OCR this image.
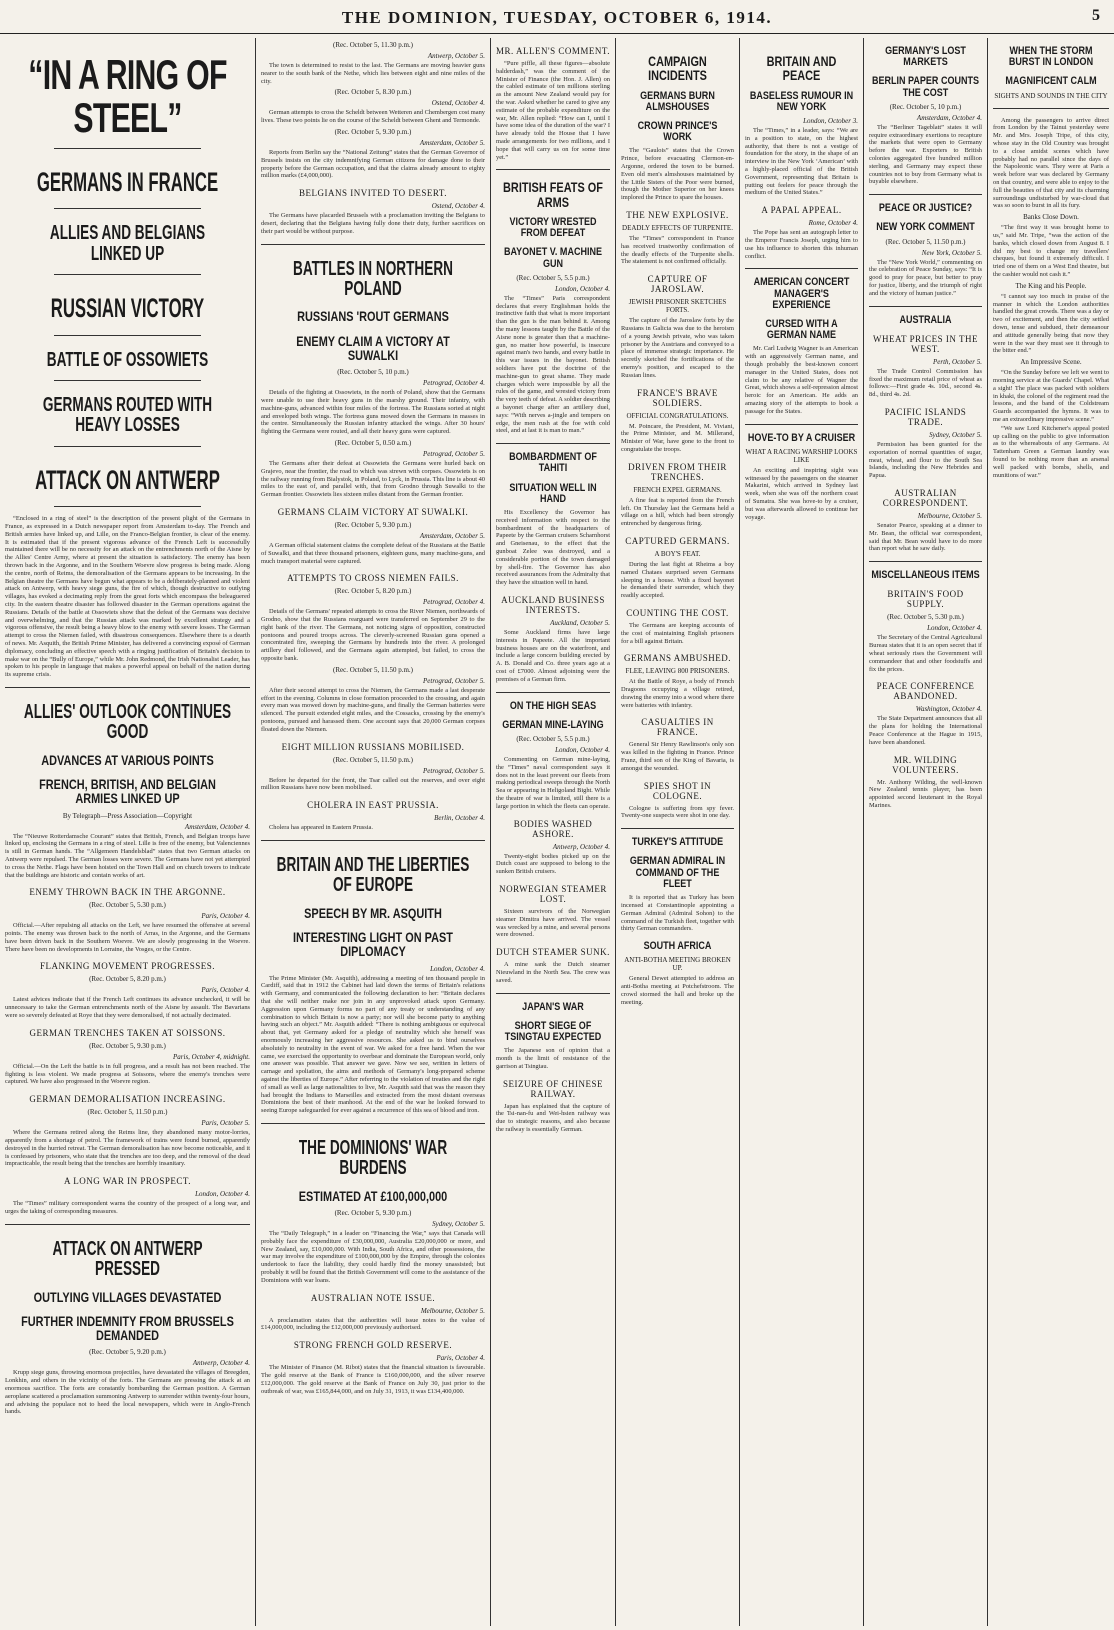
THE DOMINION, TUESDAY, OCTOBER 6, 1914.	5
“IN A RING OF STEEL”
GERMANS IN FRANCE
ALLIES AND BELGIANS LINKED UP
RUSSIAN VICTORY
BATTLE OF OSSOWIETS
GERMANS ROUTED WITH HEAVY LOSSES
ATTACK ON ANTWERP

“Enclosed in a ring of steel” is the description of the present plight of the Germans in France, as expressed in a Dutch newspaper report from Amsterdam to-day. The French and British armies have linked up, and Lille, on the Franco-Belgian frontier, is clear of the enemy. It is estimated that if the present vigorous advance of the French Left is successfully maintained there will be no necessity for an attack on the entrenchments north of the Aisne by the Allies' Centre Army, where at present the situation is satisfactory. The enemy has been thrown back in the Argonne, and in the Southern Woevre slow progress is being made. Along the centre, north of Reims, the demoralisation of the Germans appears to be increasing. In the Belgian theatre the Germans have begun what appears to be a deliberately-planned and violent attack on Antwerp, with heavy siege guns, the fire of which, though destructive to outlying villages, has evoked a decimating reply from the great forts which encompass the beleaguered city. In the eastern theatre disaster has followed disaster in the German operations against the Russians. Details of the battle at Ossowiets show that the defeat of the Germans was decisive and overwhelming, and that the Russian attack was marked by excellent strategy and a vigorous offensive, the result being a heavy blow to the enemy with severe losses. The German attempt to cross the Niemen failed, with disastrous consequences. Elsewhere there is a dearth of news. Mr. Asquith, the British Prime Minister, has delivered a convincing exposé of German diplomacy, concluding an effective speech with a ringing justification of Britain's decision to make war on the “Bully of Europe,” while Mr. John Redmond, the Irish Nationalist Leader, has spoken to his people in language that makes a powerful appeal on behalf of the nation during its supreme crisis.

ALLIES' OUTLOOK CONTINUES GOOD
ADVANCES AT VARIOUS POINTS
FRENCH, BRITISH, AND BELGIAN ARMIES LINKED UP
By Telegraph—Press Association—Copyright
Amsterdam, October 4.

The “Nieuwe Rotterdamsche Courant” states that British, French, and Belgian troops have linked up, enclosing the Germans in a ring of steel. Lille is free of the enemy, but Valenciennes is still in German hands. The “Allgemeen Handelsblad” states that two German attacks on Antwerp were repulsed. The German losses were severe. The Germans have not yet attempted to cross the Nethe. Flags have been hoisted on the Town Hall and on church towers to indicate that the buildings are historic and contain works of art.

ENEMY THROWN BACK IN THE ARGONNE.
(Rec. October 5, 5.30 p.m.)
Paris, October 4.

Official.—After repulsing all attacks on the Left, we have resumed the offensive at several points. The enemy was thrown back to the north of Arras, in the Argonne, and the Germans have been driven back in the Southern Woevre. We are slowly progressing in the Woevre. There have been no developments in Lorraine, the Vosges, or the Centre.

FLANKING MOVEMENT PROGRESSES.
(Rec. October 5, 8.20 p.m.)
Paris, October 4.

Latest advices indicate that if the French Left continues its advance unchecked, it will be unnecessary to take the German entrenchments north of the Aisne by assault. The Bavarians were so severely defeated at Roye that they were demoralised, if not actually decimated.

GERMAN TRENCHES TAKEN AT SOISSONS.
(Rec. October 5, 9.30 p.m.)
Paris, October 4, midnight.

Official.—On the Left the battle is in full progress, and a result has not been reached. The fighting is less violent. We made progress at Soissons, where the enemy's trenches were captured. We have also progressed in the Woevre region.

GERMAN DEMORALISATION INCREASING.
(Rec. October 5, 11.50 p.m.)
Paris, October 5.

Where the Germans retired along the Reims line, they abandoned many motor-lorries, apparently from a shortage of petrol. The framework of trains were found burned, apparently destroyed in the hurried retreat. The German demoralisation has now become noticeable, and it is confessed by prisoners, who state that the trenches are too deep, and the removal of the dead impracticable, the result being that the trenches are horribly insanitary.

A LONG WAR IN PROSPECT.
London, October 4.

The “Times” military correspondent warns the country of the prospect of a long war, and urges the taking of corresponding measures.

ATTACK ON ANTWERP PRESSED
OUTLYING VILLAGES DEVASTATED
FURTHER INDEMNITY FROM BRUSSELS DEMANDED
(Rec. October 5, 9.20 p.m.)
Antwerp, October 4.

Krupp siege guns, throwing enormous projectiles, have devastated the villages of Breegden, Lonkhin, and others in the vicinity of the forts. The Germans are pressing the attack at an enormous sacrifice. The forts are constantly bombarding the German position. A German aeroplane scattered a proclamation summoning Antwerp to surrender within twenty-four hours, and advising the populace not to heed the local newspapers, which were in Anglo-French hands.

(Rec. October 5, 11.30 p.m.)
Antwerp, October 5.

The town is determined to resist to the last. The Germans are moving heavier guns nearer to the south bank of the Nethe, which lies between eight and nine miles of the city.

(Rec. October 5, 8.30 p.m.)
Ostend, October 4.

German attempts to cross the Scheldt between Wetteren and Chembergen cost many lives. These two points lie on the course of the Scheldt between Ghent and Termonde.

(Rec. October 5, 9.30 p.m.)
Amsterdam, October 5.

Reports from Berlin say the “National Zeitung” states that the German Governor of Brussels insists on the city indemnifying German citizens for damage done to their property before the German occupation, and that the claims already amount to eighty million marks (£4,000,000).

BELGIANS INVITED TO DESERT.
Ostend, October 4.

The Germans have placarded Brussels with a proclamation inviting the Belgians to desert, declaring that the Belgians having fully done their duty, further sacrifices on their part would be without purpose.

BATTLES IN NORTHERN POLAND
RUSSIANS 'ROUT GERMANS
ENEMY CLAIM A VICTORY AT SUWALKI
(Rec. October 5, 10 p.m.)
Petrograd, October 4.

Details of the fighting at Ossowiets, in the north of Poland, show that the Germans were unable to use their heavy guns in the marshy ground. Their infantry, with machine-guns, advanced within four miles of the fortress. The Russians sorted at night and enveloped both wings. The fortress guns mowed down the Germans in masses in the centre. Simultaneously the Russian infantry attacked the wings. After 30 hours' fighting the Germans were routed, and all their heavy guns were captured.

(Rec. October 5, 0.50 a.m.)
Petrograd, October 5.

The Germans after their defeat at Ossowiets the Germans were hurled back on Grajevo, near the frontier, the road to which was strewn with corpses. Ossowiets is on the railway running from Bialystok, in Poland, to Lyck, in Prussia. This line is about 40 miles to the east of, and parallel with, that from Grodno through Suwalki to the German frontier. Ossowiets lies sixteen miles distant from the German frontier.

GERMANS CLAIM VICTORY AT SUWALKI.
(Rec. October 5, 9.30 p.m.)
Amsterdam, October 5.

A German official statement claims the complete defeat of the Russians at the Battle of Suwalki, and that three thousand prisoners, eighteen guns, many machine-guns, and much transport material were captured.

ATTEMPTS TO CROSS NIEMEN FAILS.
(Rec. October 5, 8.20 p.m.)
Petrograd, October 4.

Details of the Germans' repeated attempts to cross the River Niemen, northwards of Grodno, show that the Russians rearguard were transferred on September 29 to the right bank of the river. The Germans, not noticing signs of opposition, constructed pontoons and poured troops across. The cleverly-screened Russian guns opened a concentrated fire, sweeping the Germans by hundreds into the river. A prolonged artillery duel followed, and the Germans again attempted, but failed, to cross the opposite bank.

(Rec. October 5, 11.50 p.m.)
Petrograd, October 5.

After their second attempt to cross the Niemen, the Germans made a last desperate effort in the evening. Columns in close formation proceeded to the crossing, and again every man was mowed down by machine-guns, and finally the German batteries were silenced. The pursuit extended eight miles, and the Cossacks, crossing by the enemy's pontoons, pursued and harassed them. One account says that 20,000 German corpses floated down the Niemen.

EIGHT MILLION RUSSIANS MOBILISED.
(Rec. October 5, 11.50 p.m.)
Petrograd, October 5.

Before he departed for the front, the Tsar called out the reserves, and over eight million Russians have now been mobilised.

CHOLERA IN EAST PRUSSIA.
Berlin, October 4.

Cholera has appeared in Eastern Prussia.

BRITAIN AND THE LIBERTIES OF EUROPE
SPEECH BY MR. ASQUITH
INTERESTING LIGHT ON PAST DIPLOMACY
London, October 4.

The Prime Minister (Mr. Asquith), addressing a meeting of ten thousand people in Cardiff, said that in 1912 the Cabinet had laid down the terms of Britain's relations with Germany, and communicated the following declaration to her: “Britain declares that she will neither make nor join in any unprovoked attack upon Germany. Aggression upon Germany forms no part of any treaty or understanding of any combination to which Britain is now a party; nor will she become party to anything having such an object.” Mr. Asquith added: “There is nothing ambiguous or equivocal about that, yet Germany asked for a pledge of neutrality which she herself was enormously increasing her aggressive resources. She asked us to bind ourselves absolutely to neutrality in the event of war. We asked for a free hand. When the war came, we exercised the opportunity to overbear and dominate the European world, only one answer was possible. That answer we gave. Now we see, written in letters of carnage and spoliation, the aims and methods of Germany's long-prepared scheme against the liberties of Europe.” After referring to the violation of treaties and the right of small as well as large nationalities to live, Mr. Asquith said that was the reason they had brought the Indians to Marseilles and extracted from the most distant overseas Dominions the best of their manhood. At the end of the war he looked forward to seeing Europe safeguarded for ever against a recurrence of this sea of blood and iron.

THE DOMINIONS' WAR BURDENS
ESTIMATED AT £100,000,000
(Rec. October 5, 9.30 p.m.)
Sydney, October 5.

The “Daily Telegraph,” in a leader on “Financing the War,” says that Canada will probably face the expenditure of £30,000,000, Australia £20,000,000 or more, and New Zealand, say, £10,000,000. With India, South Africa, and other possessions, the war may involve the expenditure of £100,000,000 by the Empire, through the colonies undertook to face the liability, they could hardly find the money unassisted; but probably it will be found that the British Government will come to the assistance of the Dominions with war loans.

AUSTRALIAN NOTE ISSUE.
Melbourne, October 5.

A proclamation states that the authorities will issue notes to the value of £14,000,000, including the £12,000,000 previously authorised.

STRONG FRENCH GOLD RESERVE.
Paris, October 4.

The Minister of Finance (M. Ribot) states that the financial situation is favourable. The gold reserve at the Bank of France is £160,000,000, and the silver reserve £12,000,000. The gold reserve at the Bank of France on July 30, just prior to the outbreak of war, was £165,844,000, and on July 31, 1913, it was £134,400,000.

MR. ALLEN'S COMMENT.

“Pure piffle, all these figures—absolute balderdash,” was the comment of the Minister of Finance (the Hon. J. Allen) on the cabled estimate of ten millions sterling as the amount New Zealand would pay for the war. Asked whether he cared to give any estimate of the probable expenditure on the war, Mr. Allen replied: “How can I, until I have some idea of the duration of the war? I have already told the House that I have made arrangements for two millions, and I hope that will carry us on for some time yet.”

BRITISH FEATS OF ARMS
VICTORY WRESTED FROM DEFEAT
BAYONET V. MACHINE GUN
(Rec. October 5, 5.5 p.m.)
London, October 4.

The “Times” Paris correspondent declares that every Englishman holds the instinctive faith that what is more important than the gun is the man behind it. Among the many lessons taught by the Battle of the Aisne none is greater than that a machine-gun, no matter how powerful, is insecure against man's two hands, and every battle in this war issues in the bayonet. British soldiers have put the doctrine of the machine-gun to great shame. They made charges which were impossible by all the rules of the game, and wrested victory from the very teeth of defeat. A soldier describing a bayonet charge after an artillery duel, says: “With nerves a-jingle and tempers on edge, the men rush at the foe with cold steel, and at last it is man to man.”

BOMBARDMENT OF TAHITI
SITUATION WELL IN HAND

His Excellency the Governor has received information with respect to the bombardment of the headquarters of Papeete by the German cruisers Scharnhorst and Gneisenau, to the effect that the gunboat Zelee was destroyed, and a considerable portion of the town damaged by shell-fire. The Governor has also received assurances from the Admiralty that they have the situation well in hand.

AUCKLAND BUSINESS INTERESTS.
Auckland, October 5.

Some Auckland firms have large interests in Papeete. All the important business houses are on the waterfront, and include a large concern building erected by A. B. Donald and Co. three years ago at a cost of £7000. Almost adjoining were the premises of a German firm.

ON THE HIGH SEAS
GERMAN MINE-LAYING
(Rec. October 5, 5.5 p.m.)
London, October 4.

Commenting on German mine-laying, the “Times” naval correspondent says it does not in the least prevent our fleets from making periodical sweeps through the North Sea or appearing in Heligoland Bight. While the theatre of war is limited, still there is a large portion in which the fleets can operate.

BODIES WASHED ASHORE.
Antwerp, October 4.

Twenty-eight bodies picked up on the Dutch coast are supposed to belong to the sunken British cruisers.

NORWEGIAN STEAMER LOST.

Sixteen survivors of the Norwegian steamer Dimitra have arrived. The vessel was wrecked by a mine, and several persons were drowned.

DUTCH STEAMER SUNK.

A mine sank the Dutch steamer Nieuwland in the North Sea. The crew was saved.

JAPAN'S WAR
SHORT SIEGE OF TSINGTAU EXPECTED

The Japanese son of opinion that a month is the limit of resistance of the garrison at Tsingtau.

SEIZURE OF CHINESE RAILWAY.

Japan has explained that the capture of the Tsi-nan-fu and Wei-hsien railway was due to strategic reasons, and also because the railway is essentially German.

CAMPAIGN INCIDENTS
GERMANS BURN ALMSHOUSES
CROWN PRINCE'S WORK

The “Gaulois” states that the Crown Prince, before evacuating Clermon-en-Argonne, ordered the town to be burned. Even old men's almshouses maintained by the Little Sisters of the Poor were burned, though the Mother Superior on her knees implored the Prince to spare the houses.

THE NEW EXPLOSIVE.
DEADLY EFFECTS OF TURPENITE.

The “Times” correspondent in France has received trustworthy confirmation of the deadly effects of the Turpenite shells. The statement is not confirmed officially.

CAPTURE OF JAROSLAW.
JEWISH PRISONER SKETCHES FORTS.

The capture of the Jaroslaw forts by the Russians in Galicia was due to the heroism of a young Jewish private, who was taken prisoner by the Austrians and conveyed to a place of immense strategic importance. He secretly sketched the fortifications of the enemy's position, and escaped to the Russian lines.

FRANCE'S BRAVE SOLDIERS.
OFFICIAL CONGRATULATIONS.

M. Poincare, the President, M. Viviani, the Prime Minister, and M. Millerand, Minister of War, have gone to the front to congratulate the troops.

DRIVEN FROM THEIR TRENCHES.
FRENCH EXPEL GERMANS.

A fine feat is reported from the French left. On Thursday last the Germans held a village on a hill, which had been strongly entrenched by dangerous firing.

CAPTURED GERMANS.
A BOY'S FEAT.

During the last fight at Rheims a boy named Chataes surprised seven Germans sleeping in a house. With a fixed bayonet he demanded their surrender, which they readily accepted.

COUNTING THE COST.

The Germans are keeping accounts of the cost of maintaining English prisoners for a bill against Britain.

GERMANS AMBUSHED.
FLEE, LEAVING 800 PRISONERS.

At the Battle of Roye, a body of French Dragoons occupying a village retired, drawing the enemy into a wood where there were batteries with infantry.

CASUALTIES IN FRANCE.

General Sir Henry Rawlinson's only son was killed in the fighting in France. Prince Franz, third son of the King of Bavaria, is amongst the wounded.

SPIES SHOT IN COLOGNE.

Cologne is suffering from spy fever. Twenty-one suspects were shot in one day.

TURKEY'S ATTITUDE
GERMAN ADMIRAL IN COMMAND OF THE FLEET

It is reported that as Turkey has been incensed at Constantinople appointing a German Admiral (Admiral Sohon) to the command of the Turkish fleet, together with thirty German commanders.

SOUTH AFRICA
ANTI-BOTHA MEETING BROKEN UP.

General Dewet attempted to address an anti-Botha meeting at Potchefstroom. The crowd stormed the hall and broke up the meeting.

BRITAIN AND PEACE
BASELESS RUMOUR IN NEW YORK
London, October 3.

The “Times,” in a leader, says: “We are in a position to state, on the highest authority, that there is not a vestige of foundation for the story, in the shape of an interview in the New York ‘American’ with a highly-placed official of the British Government, representing that Britain is putting out feelers for peace through the medium of the United States.”

A PAPAL APPEAL.
Rome, October 4.

The Pope has sent an autograph letter to the Emperor Francis Joseph, urging him to use his influence to shorten this inhuman conflict.

AMERICAN CONCERT MANAGER'S EXPERIENCE
CURSED WITH A GERMAN NAME

Mr. Carl Ludwig Wagner is an American with an aggressively German name, and though probably the best-known concert manager in the United States, does not claim to be any relative of Wagner the Great, which shows a self-repression almost heroic for an American. He adds an amazing story of the attempts to book a passage for the States.

HOVE-TO BY A CRUISER
WHAT A RACING WARSHIP LOOKS LIKE

An exciting and inspiring sight was witnessed by the passengers on the steamer Makarini, which arrived in Sydney last week, when she was off the northern coast of Sumatra. She was hove-to by a cruiser, but was afterwards allowed to continue her voyage.

GERMANY'S LOST MARKETS
BERLIN PAPER COUNTS THE COST
(Rec. October 5, 10 p.m.)
Amsterdam, October 4.

The “Berliner Tageblatt” states it will require extraordinary exertions to recapture the markets that were open to Germany before the war. Exporters to British colonies aggregated five hundred million sterling, and Germany may expect these countries not to buy from Germany what is buyable elsewhere.

PEACE OR JUSTICE?
NEW YORK COMMENT
(Rec. October 5, 11.50 p.m.)
New York, October 5.

The “New York World,” commenting on the celebration of Peace Sunday, says: “It is good to pray for peace, but better to pray for justice, liberty, and the triumph of right and the victory of human justice.”

AUSTRALIA
WHEAT PRICES IN THE WEST.
Perth, October 5.

The Trade Control Commission has fixed the maximum retail price of wheat as follows:—First grade 4s. 10d., second 4s. 8d., third 4s. 2d.

PACIFIC ISLANDS TRADE.
Sydney, October 5.

Permission has been granted for the exportation of normal quantities of sugar, meat, wheat, and flour to the South Sea Islands, including the New Hebrides and Papua.

AUSTRALIAN CORRESPONDENT.
Melbourne, October 5.

Senator Pearce, speaking at a dinner to Mr. Bean, the official war correspondent, said that Mr. Bean would have to do more than report what he saw daily.

MISCELLANEOUS ITEMS
BRITAIN'S FOOD SUPPLY.
(Rec. October 5, 5.30 p.m.)
London, October 4.

The Secretary of the Central Agricultural Bureau states that it is an open secret that if wheat seriously rises the Government will commandeer that and other foodstuffs and fix the prices.

PEACE CONFERENCE ABANDONED.
Washington, October 4.

The State Department announces that all the plans for holding the International Peace Conference at the Hague in 1915, have been abandoned.

MR. WILDING VOLUNTEERS.

Mr. Anthony Wilding, the well-known New Zealand tennis player, has been appointed second lieutenant in the Royal Marines.

WHEN THE STORM BURST IN LONDON
MAGNIFICENT CALM
SIGHTS AND SOUNDS IN THE CITY

Among the passengers to arrive direct from London by the Tainui yesterday were Mr. and Mrs. Joseph Tripe, of this city, whose stay in the Old Country was brought to a close amidst scenes which have probably had no parallel since the days of the Napoleonic wars. They were at Paris a week before war was declared by Germany on that country, and were able to enjoy to the full the beauties of that city and its charming surroundings undisturbed by war-cloud that was so soon to burst in all its fury.

Banks Close Down.

“The first way it was brought home to us,” said Mr. Tripe, “was the action of the banks, which closed down from August 8. I did my best to change my travellers' cheques, but found it extremely difficult. I tried one of them on a West End theatre, but the cashier would not cash it.”

The King and his People.

“I cannot say too much in praise of the manner in which the London authorities handled the great crowds. There was a day or two of excitement, and then the city settled down, tense and subdued, their demeanour and attitude generally being that now they were in the war they must see it through to the bitter end.”

An Impressive Scene.

“On the Sunday before we left we went to morning service at the Guards' Chapel. What a sight! The place was packed with soldiers in khaki, the colonel of the regiment read the lessons, and the band of the Coldstream Guards accompanied the hymns. It was to me an extraordinary impressive scene.”

“We saw Lord Kitchener's appeal posted up calling on the public to give information as to the whereabouts of any Germans. At Tattenham Green a German laundry was found to be nothing more than an arsenal well packed with bombs, shells, and munitions of war.”
